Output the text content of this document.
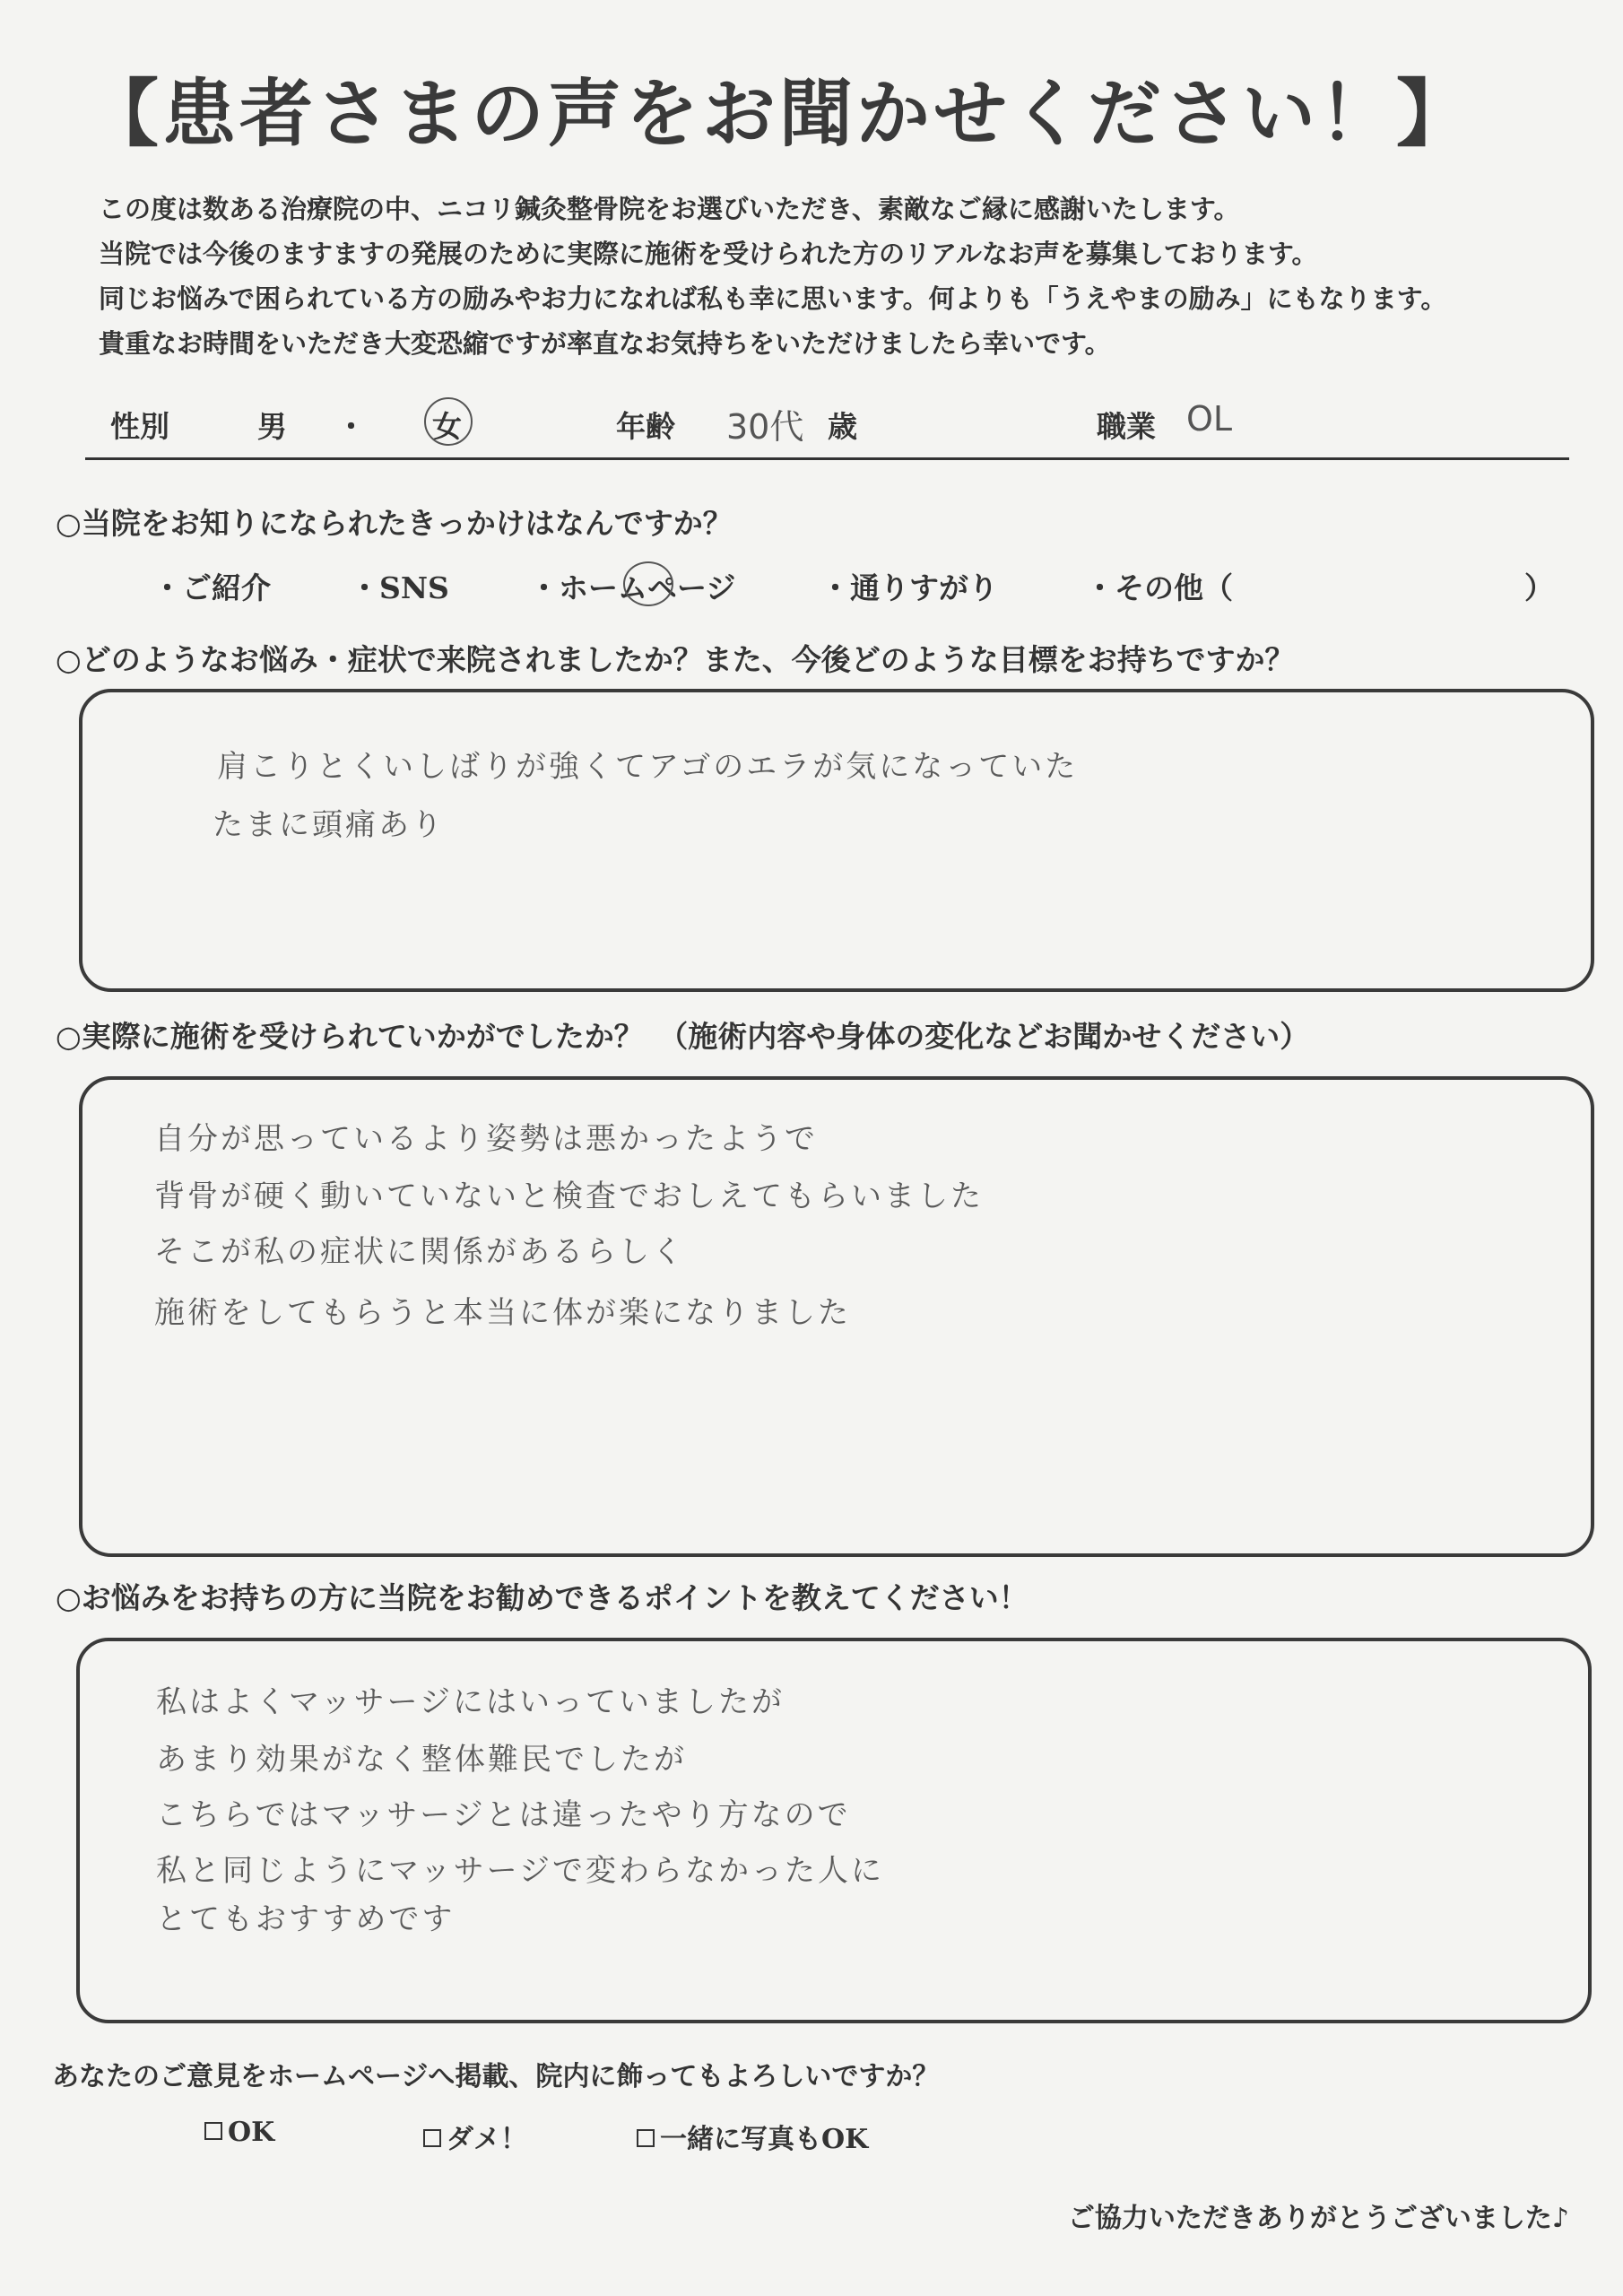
【患者さまの声をお聞かせください！】
この度は数ある治療院の中、ニコリ鍼灸整骨院をお選びいただき、素敵なご縁に感謝いたします。
当院では今後のますますの発展のために実際に施術を受けられた方のリアルなお声を募集しております。
同じお悩みで困られている方の励みやお力になれば私も幸に思います。何よりも「うえやまの励み」にもなります。
貴重なお時間をいただき大変恐縮ですが率直なお気持ちをいただけましたら幸いです。
性別	男 ・ 女	年齢 30代 歳	職業 OL
○当院をお知りになられたきっかけはなんですか？
・ご紹介	・SNS	・ホームページ	・通りすがり	・その他（	）
○どのようなお悩み・症状で来院されましたか？また、今後どのような目標をお持ちですか？
肩こりとくいしばりが強くてアゴのエラが気になっていた
たまに頭痛あり
○実際に施術を受けられていかがでしたか？　（施術内容や身体の変化などお聞かせください）
自分が思っているより姿勢は悪かったようで
背骨が硬く動いていないと検査でおしえてもらいました
そこが私の症状に関係があるらしく
施術をしてもらうと本当に体が楽になりました
○お悩みをお持ちの方に当院をお勧めできるポイントを教えてください！
私はよくマッサージにはいっていましたが
あまり効果がなく整体難民でしたが
こちらではマッサージとは違ったやり方なので
私と同じようにマッサージで変わらなかった人に
とてもおすすめです
あなたのご意見をホームページへ掲載、院内に飾ってもよろしいですか？
OK	ダメ！	一緒に写真もOK
ご協力いただきありがとうございました♪
